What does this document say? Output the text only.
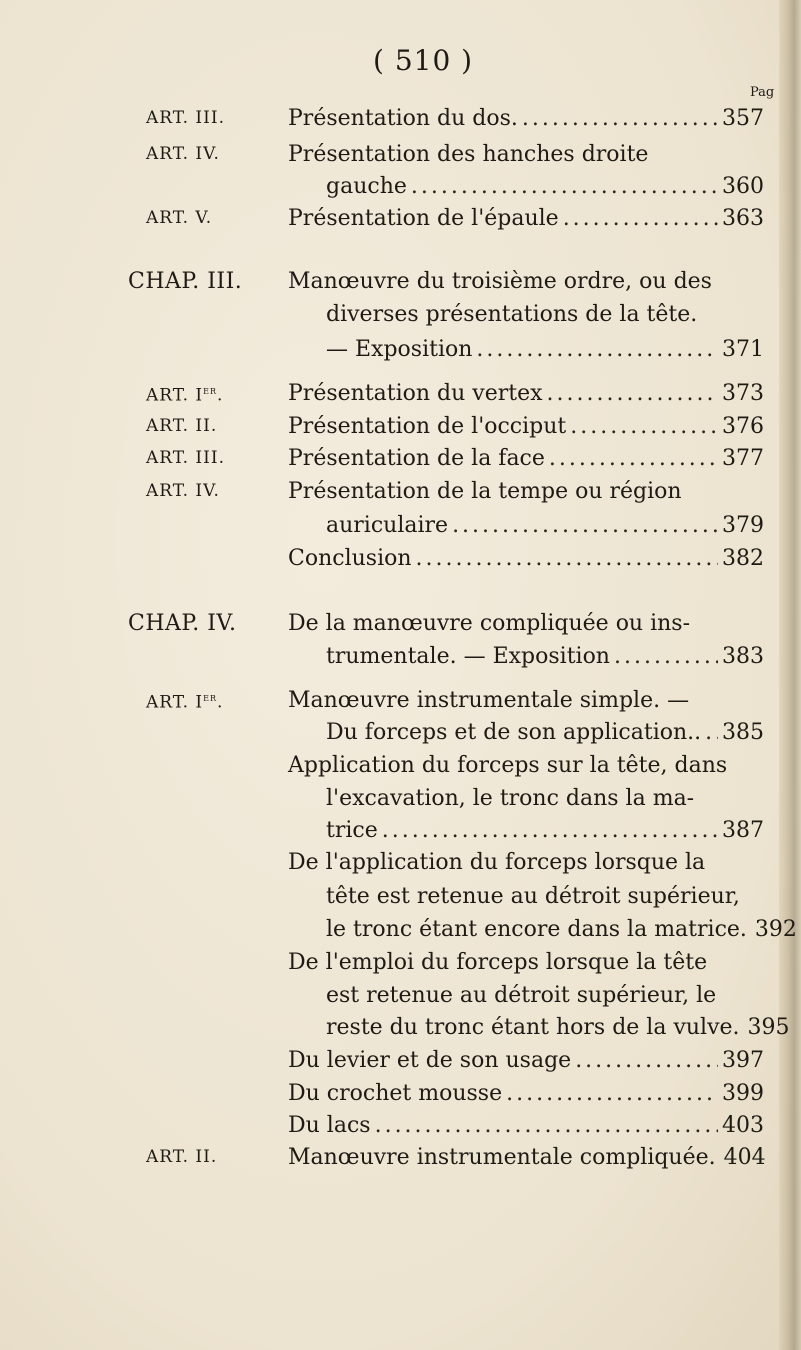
( 510 )
Pag
ART. III.	Présentation du dos. .....	357
ART. IV.	Présentation des hanches droite
gauche .....	360
ART. V.	Présentation de l'épaule .....	363
CHAP. III. Manœuvre du troisième ordre, ou des
diverses présentations de la tête.
— Exposition .....	371
ART. Ier.	Présentation du vertex .....	373
ART. II.	Présentation de l'occiput .....	376
ART. III.	Présentation de la face .....	377
ART. IV.	Présentation de la tempe ou région
auriculaire .....	379
Conclusion .....	382
CHAP. IV. De la manœuvre compliquée ou ins-
trumentale. — Exposition .....	383
ART. Ier.	Manœuvre instrumentale simple. —
Du forceps et de son application.. ..... 385
Application du forceps sur la tête, dans
l'excavation, le tronc dans la ma-
trice .....	387
De l'application du forceps lorsque la
tête est retenue au détroit supérieur,
le tronc étant encore dans la matrice. 392
De l'emploi du forceps lorsque la tête
est retenue au détroit supérieur, le
reste du tronc étant hors de la vulve. 395
Du levier et de son usage .....	397
Du crochet mousse .....	399
Du lacs .....	403
ART. II.	Manœuvre instrumentale compliquée. 404
